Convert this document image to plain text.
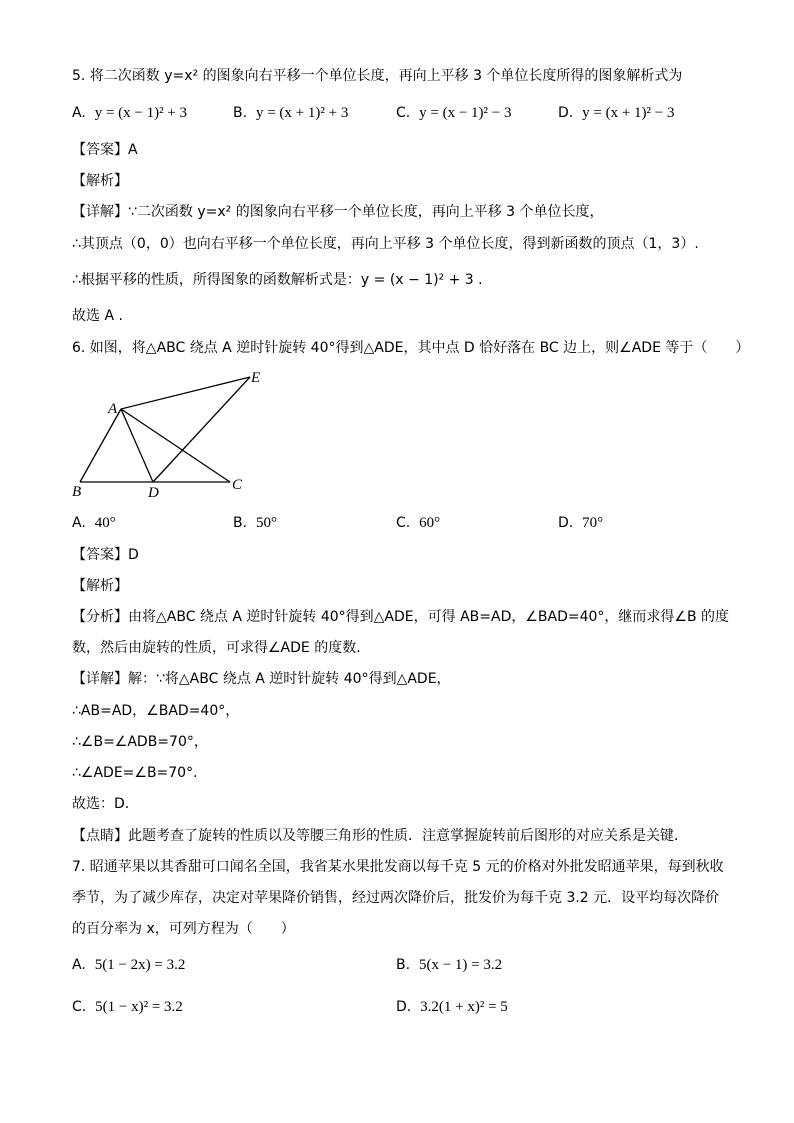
5. 将二次函数 y=x² 的图象向右平移一个单位长度，再向上平移 3 个单位长度所得的图象解析式为
A. y = (x − 1)² + 3	B. y = (x + 1)² + 3	C. y = (x − 1)² − 3	D. y = (x + 1)² − 3
【答案】A
【解析】
【详解】∵二次函数 y=x² 的图象向右平移一个单位长度，再向上平移 3 个单位长度，
∴其顶点（0，0）也向右平移一个单位长度，再向上平移 3 个单位长度，得到新函数的顶点（1，3）.
∴根据平移的性质，所得图象的函数解析式是：y = (x − 1)² + 3 .
故选 A .
6. 如图，将△ABC 绕点 A 逆时针旋转 40°得到△ADE，其中点 D 恰好落在 BC 边上，则∠ADE 等于（　　）
A
B	C
D
E
A. 40°	B. 50°	C. 60°	D. 70°
【答案】D
【解析】
【分析】由将△ABC 绕点 A 逆时针旋转 40°得到△ADE，可得 AB=AD，∠BAD=40°，继而求得∠B 的度
数，然后由旋转的性质，可求得∠ADE 的度数.
【详解】解：∵将△ABC 绕点 A 逆时针旋转 40°得到△ADE，
∴AB=AD，∠BAD=40°，
∴∠B=∠ADB=70°，
∴∠ADE=∠B=70°.
故选：D.
【点睛】此题考查了旋转的性质以及等腰三角形的性质．注意掌握旋转前后图形的对应关系是关键．
7. 昭通苹果以其香甜可口闻名全国，我省某水果批发商以每千克 5 元的价格对外批发昭通苹果，每到秋收
季节，为了减少库存，决定对苹果降价销售，经过两次降价后，批发价为每千克 3.2 元．设平均每次降价
的百分率为 x，可列方程为（　　）
A. 5(1 − 2x) = 3.2	B. 5(x − 1) = 3.2
C. 5(1 − x)² = 3.2	D. 3.2(1 + x)² = 5
